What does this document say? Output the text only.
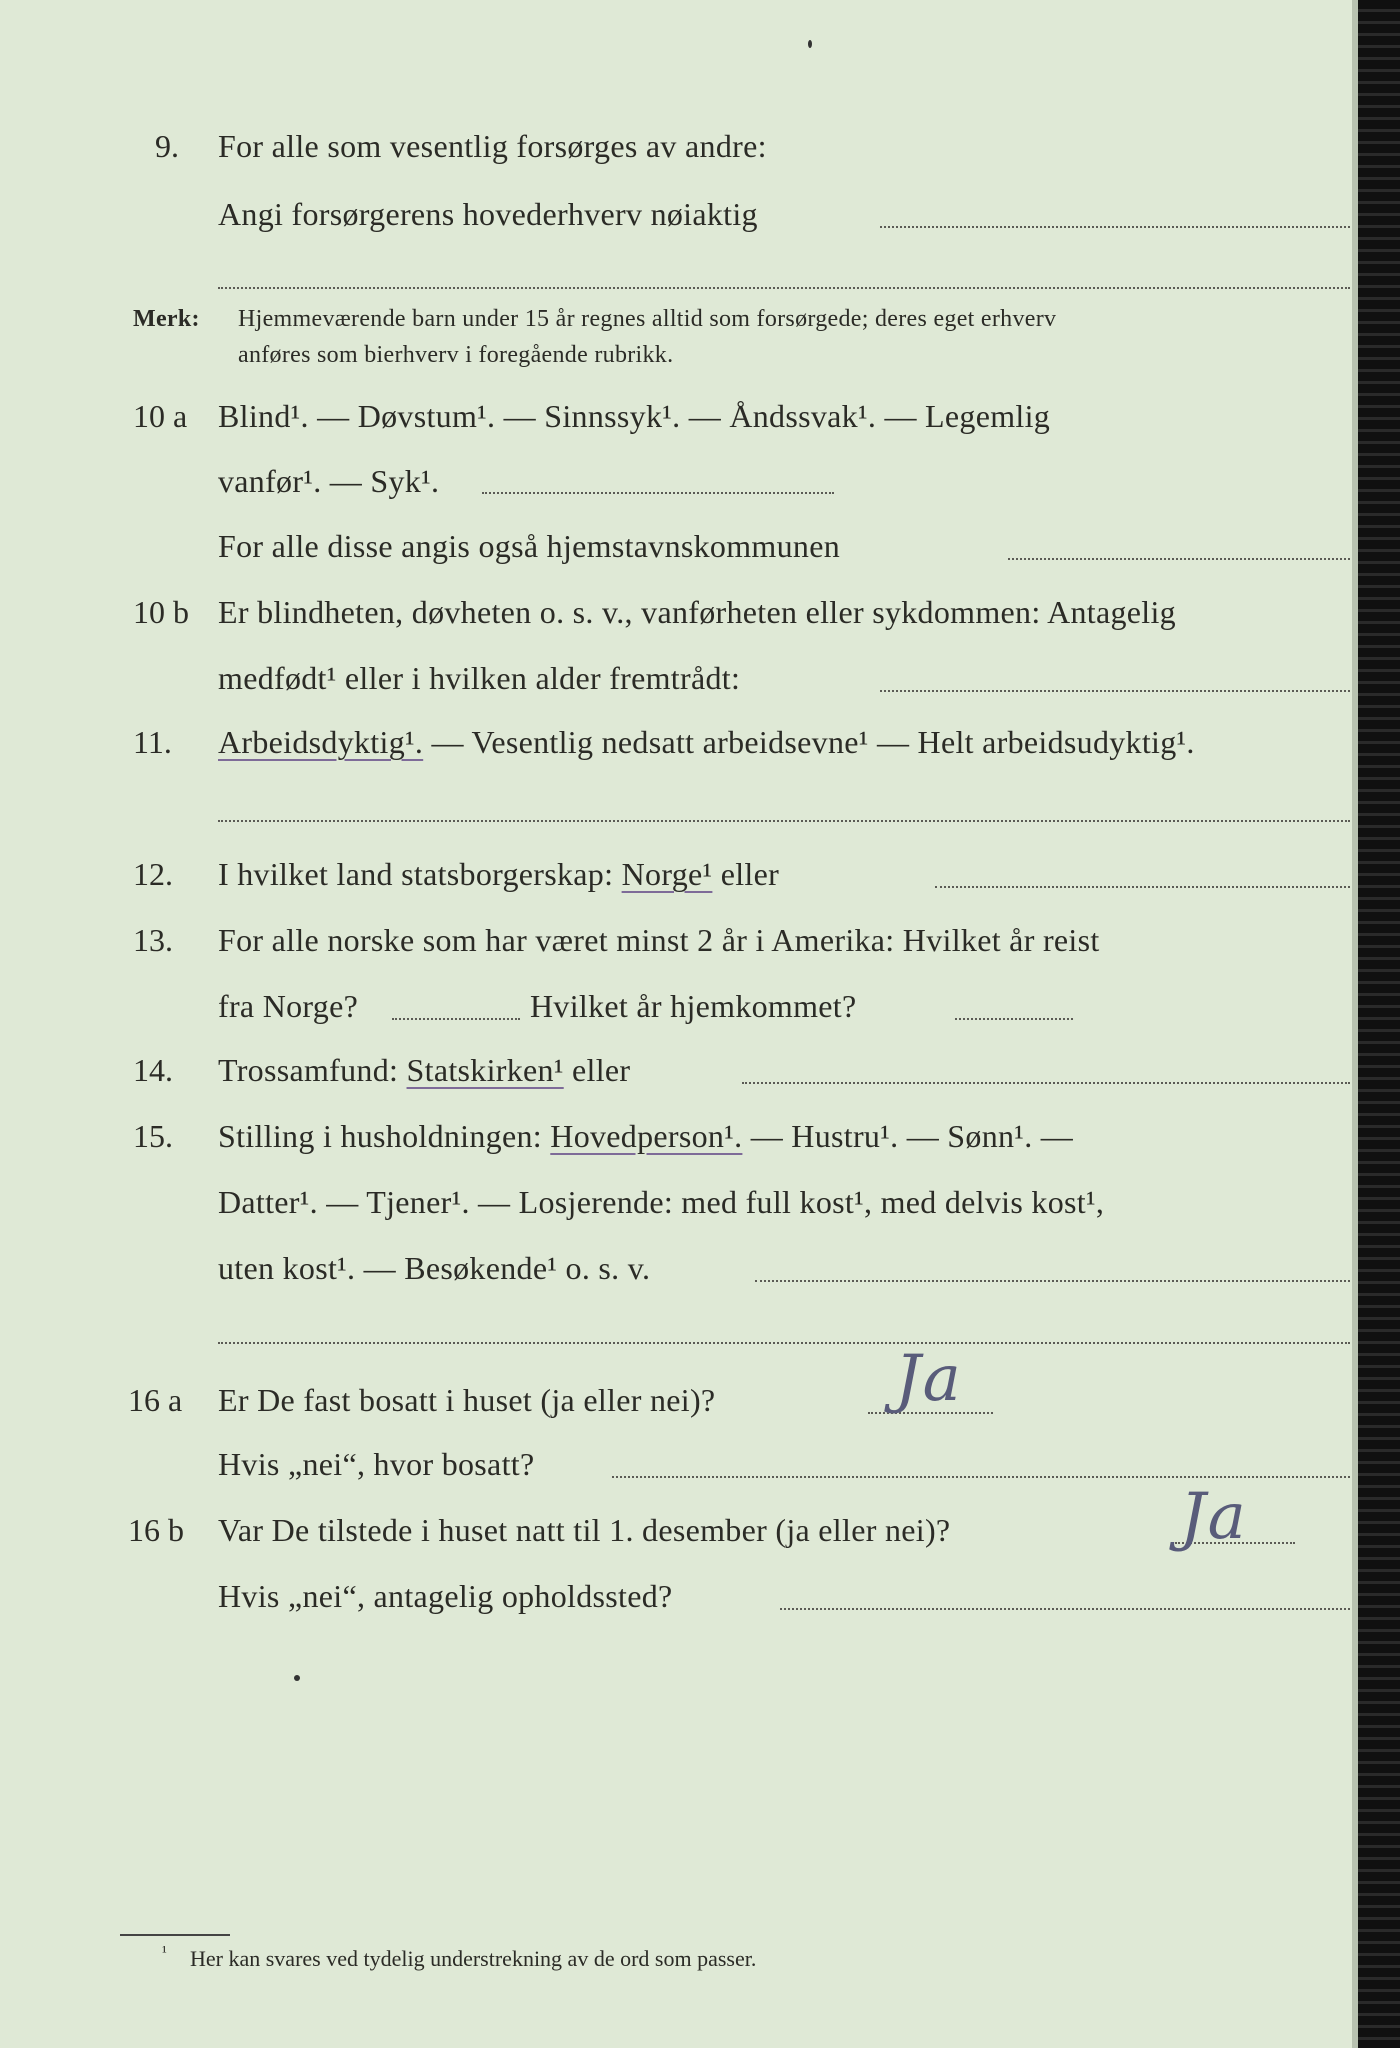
9. For alle som vesentlig forsørges av andre:
Angi forsørgerens hovederhverv nøiaktig
Merk: Hjemmeværende barn under 15 år regnes alltid som forsørgede; deres eget erhverv
anføres som bierhverv i foregående rubrikk.
10 a Blind¹. — Døvstum¹. — Sinnssyk¹. — Åndssvak¹. — Legemlig
vanfør¹. — Syk¹.
For alle disse angis også hjemstavnskommunen
10 b Er blindheten, døvheten o. s. v., vanførheten eller sykdommen: Antagelig
medfødt¹ eller i hvilken alder fremtrådt:
11. Arbeidsdyktig¹. — Vesentlig nedsatt arbeidsevne¹ — Helt arbeidsudyktig¹.
12. I hvilket land statsborgerskap: Norge¹ eller
13. For alle norske som har været minst 2 år i Amerika: Hvilket år reist
fra Norge?	Hvilket år hjemkommet?
14. Trossamfund: Statskirken¹ eller
15. Stilling i husholdningen: Hovedperson¹. — Hustru¹. — Sønn¹. —
Datter¹. — Tjener¹. — Losjerende: med full kost¹, med delvis kost¹,
uten kost¹. — Besøkende¹ o. s. v.
16 a Er De fast bosatt i huset (ja eller nei)?	Ja
Hvis „nei“, hvor bosatt?
16 b Var De tilstede i huset natt til 1. desember (ja eller nei)?	Ja
Hvis „nei“, antagelig opholdssted?
¹ Her kan svares ved tydelig understrekning av de ord som passer.
